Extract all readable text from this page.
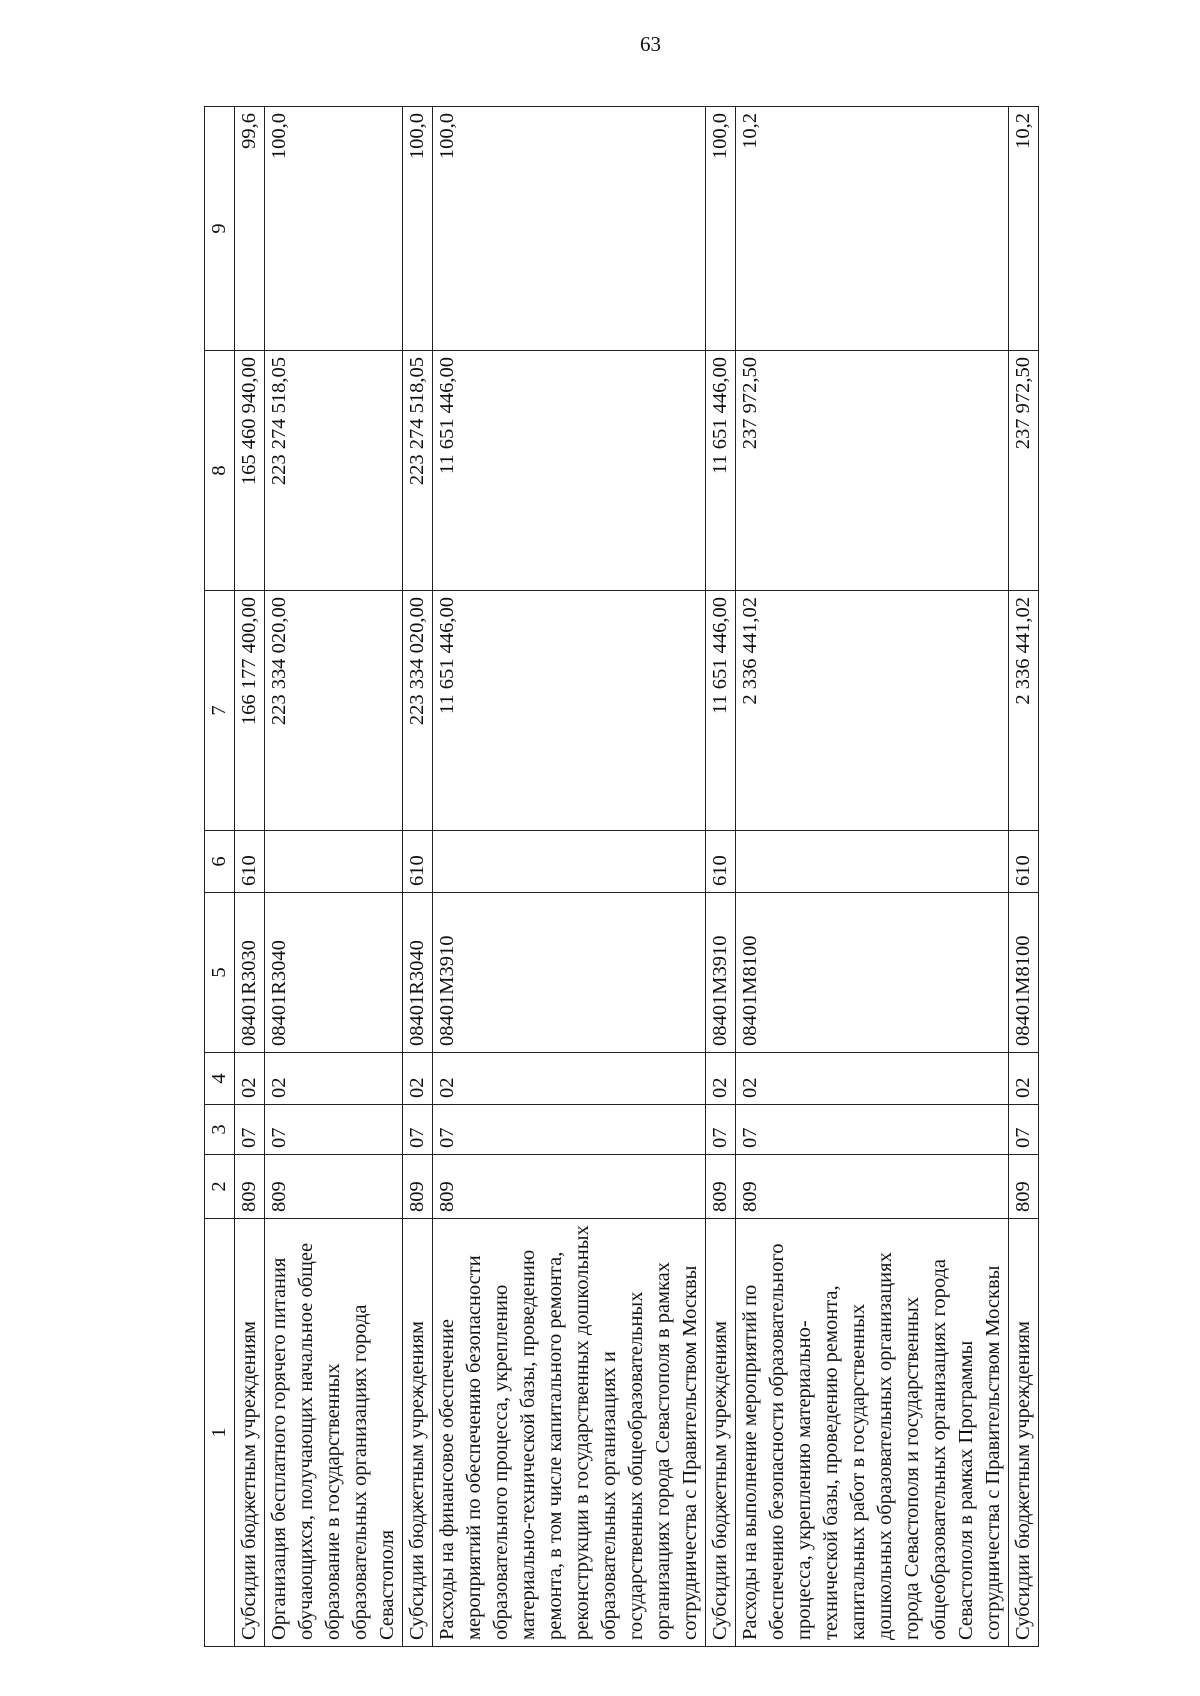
63
1	2	3	4	5	6	7	8	9
Субсидии бюджетным учреждениям	809	07	02	08401R3030	610	166 177 400,00	165 460 940,00	99,6
Организация бесплатного горячего питания обучающихся, получающих начальное общее образование в государственных образовательных организациях города Севастополя	809	07	02	08401R3040		223 334 020,00	223 274 518,05	100,0
Субсидии бюджетным учреждениям	809	07	02	08401R3040	610	223 334 020,00	223 274 518,05	100,0
Расходы на финансовое обеспечение мероприятий по обеспечению безопасности образовательного процесса, укреплению материально-технической базы, проведению ремонта, в том числе капитального ремонта, реконструкции в государственных дошкольных образовательных организациях и государственных общеобразовательных организациях города Севастополя в рамках сотрудничества с Правительством Москвы	809	07	02	08401M3910		11 651 446,00	11 651 446,00	100,0
Субсидии бюджетным учреждениям	809	07	02	08401M3910	610	11 651 446,00	11 651 446,00	100,0
Расходы на выполнение мероприятий по обеспечению безопасности образовательного процесса, укреплению материально-технической базы, проведению ремонта, капитальных работ в государственных дошкольных образовательных организациях города Севастополя и государственных общеобразовательных организациях города Севастополя в рамках Программы сотрудничества с Правительством Москвы	809	07	02	08401M8100		2 336 441,02	237 972,50	10,2
Субсидии бюджетным учреждениям	809	07	02	08401M8100	610	2 336 441,02	237 972,50	10,2
